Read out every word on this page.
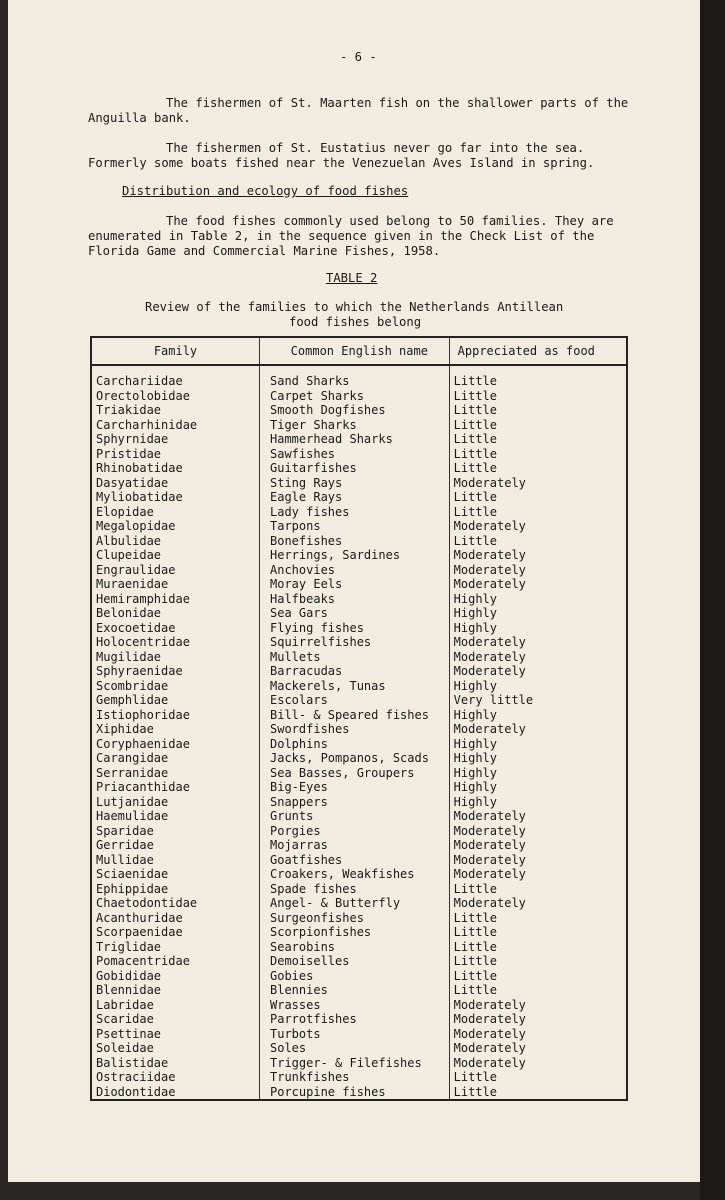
- 6 -
The fishermen of St. Maarten fish on the shallower parts of the
Anguilla bank.
The fishermen of St. Eustatius never go far into the sea.
Formerly some boats fished near the Venezuelan Aves Island in spring.
Distribution and ecology of food fishes
The food fishes commonly used belong to 50 families. They are
enumerated in Table 2, in the sequence given in the Check List of the
Florida Game and Commercial Marine Fishes, 1958.
TABLE 2
Review of the families to which the Netherlands Antillean
food fishes belong
Family	Common English name	Appreciated as food
Carchariidae	Sand Sharks	Little
Orectolobidae	Carpet Sharks	Little
Triakidae	Smooth Dogfishes	Little
Carcharhinidae	Tiger Sharks	Little
Sphyrnidae	Hammerhead Sharks	Little
Pristidae	Sawfishes	Little
Rhinobatidae	Guitarfishes	Little
Dasyatidae	Sting Rays	Moderately
Myliobatidae	Eagle Rays	Little
Elopidae	Lady fishes	Little
Megalopidae	Tarpons	Moderately
Albulidae	Bonefishes	Little
Clupeidae	Herrings, Sardines	Moderately
Engraulidae	Anchovies	Moderately
Muraenidae	Moray Eels	Moderately
Hemiramphidae	Halfbeaks	Highly
Belonidae	Sea Gars	Highly
Exocoetidae	Flying fishes	Highly
Holocentridae	Squirrelfishes	Moderately
Mugilidae	Mullets	Moderately
Sphyraenidae	Barracudas	Moderately
Scombridae	Mackerels, Tunas	Highly
Gemphlidae	Escolars	Very little
Istiophoridae	Bill- & Speared fishes	Highly
Xiphidae	Swordfishes	Moderately
Coryphaenidae	Dolphins	Highly
Carangidae	Jacks, Pompanos, Scads	Highly
Serranidae	Sea Basses, Groupers	Highly
Priacanthidae	Big-Eyes	Highly
Lutjanidae	Snappers	Highly
Haemulidae	Grunts	Moderately
Sparidae	Porgies	Moderately
Gerridae	Mojarras	Moderately
Mullidae	Goatfishes	Moderately
Sciaenidae	Croakers, Weakfishes	Moderately
Ephippidae	Spade fishes	Little
Chaetodontidae	Angel- & Butterfly	Moderately
Acanthuridae	Surgeonfishes	Little
Scorpaenidae	Scorpionfishes	Little
Triglidae	Searobins	Little
Pomacentridae	Demoiselles	Little
Gobididae	Gobies	Little
Blennidae	Blennies	Little
Labridae	Wrasses	Moderately
Scaridae	Parrotfishes	Moderately
Psettinae	Turbots	Moderately
Soleidae	Soles	Moderately
Balistidae	Trigger- & Filefishes	Moderately
Ostraciidae	Trunkfishes	Little
Diodontidae	Porcupine fishes	Little
